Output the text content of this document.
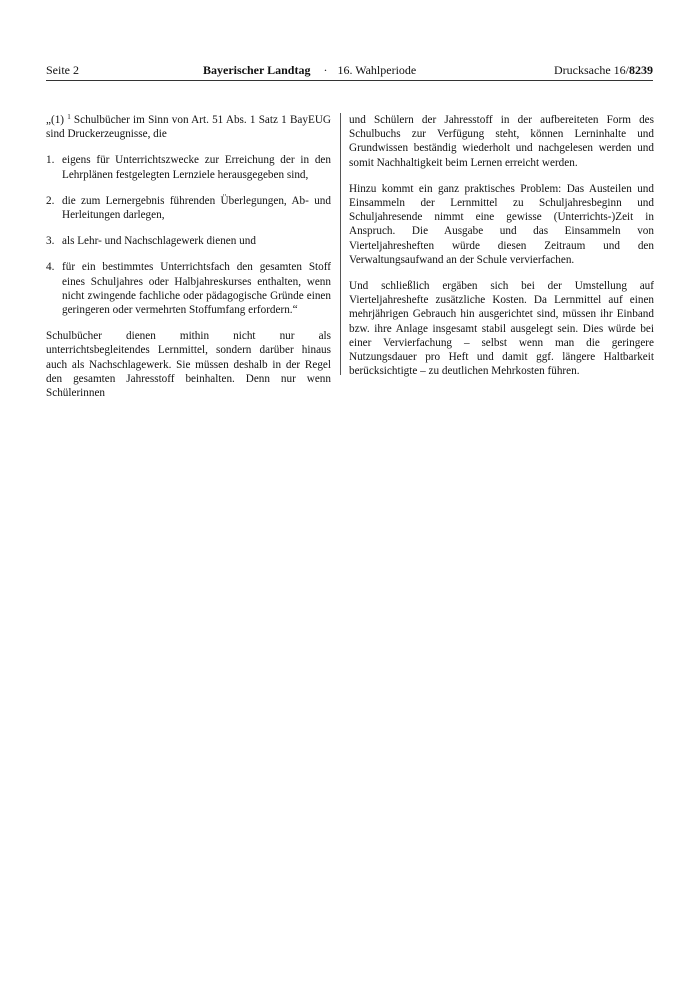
Seite 2	Bayerischer Landtag · 16. Wahlperiode	Drucksache 16/8239

„(1) $^1$ Schulbücher im Sinn von Art. 51 Abs. 1 Satz 1 BayEUG sind Druckerzeugnisse, die

1. eigens für Unterrichtszwecke zur Erreichung der in den Lehrplänen festgelegten Lernziele herausgegeben sind,
2. die zum Lernergebnis führenden Überlegungen, Ab- und Herleitungen darlegen,
3. als Lehr- und Nachschlagewerk dienen und
4. für ein bestimmtes Unterrichtsfach den gesamten Stoff eines Schuljahres oder Halbjahreskurses enthalten, wenn nicht zwingende fachliche oder pädagogische Gründe einen geringeren oder vermehrten Stoffumfang erfordern.“

Schulbücher dienen mithin nicht nur als unterrichtsbegleitendes Lernmittel, sondern darüber hinaus auch als Nachschlagewerk. Sie müssen deshalb in der Regel den gesamten Jahresstoff beinhalten. Denn nur wenn Schülerinnen

und Schülern der Jahresstoff in der aufbereiteten Form des Schulbuchs zur Verfügung steht, können Lerninhalte und Grundwissen beständig wiederholt und nachgelesen werden und somit Nachhaltigkeit beim Lernen erreicht werden.

Hinzu kommt ein ganz praktisches Problem: Das Austeilen und Einsammeln der Lernmittel zu Schuljahresbeginn und Schuljahresende nimmt eine gewisse (Unterrichts-)Zeit in Anspruch. Die Ausgabe und das Einsammeln von Vierteljahresheften würde diesen Zeitraum und den Verwaltungsaufwand an der Schule vervierfachen.

Und schließlich ergäben sich bei der Umstellung auf Vierteljahreshefte zusätzliche Kosten. Da Lernmittel auf einen mehrjährigen Gebrauch hin ausgerichtet sind, müssen ihr Einband bzw. ihre Anlage insgesamt stabil ausgelegt sein. Dies würde bei einer Vervierfachung – selbst wenn man die geringere Nutzungsdauer pro Heft und damit ggf. längere Haltbarkeit berücksichtigte – zu deutlichen Mehrkosten führen.
